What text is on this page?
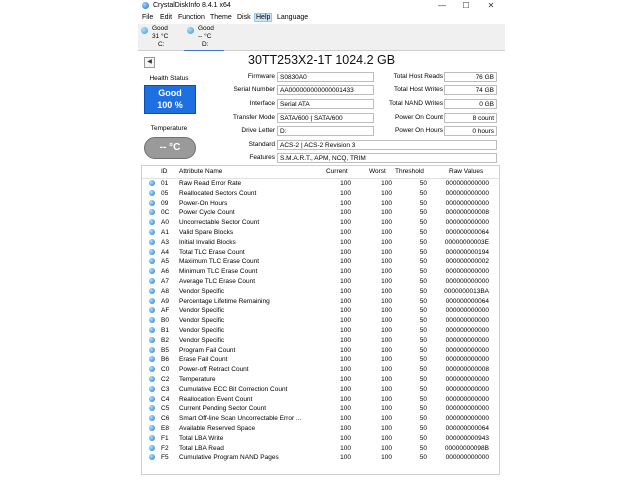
CrystalDiskInfo 8.4.1 x64	—	☐	✕
File Edit Function Theme Disk Help Language
Good
31 °C
C:
Good
-- °C
D:
◀	30TT253X2-1T 1024.2 GB
Health Status
Good
100 %
Temperature
-- °C
Firmware S0830A0
Serial Number AA000000000000001433
Interface Serial ATA
Transfer Mode SATA/600 | SATA/600
Drive Letter D:
Standard ACS-2 | ACS-2 Revision 3
Features S.M.A.R.T., APM, NCQ, TRIM
Total Host Reads	76 GB
Total Host Writes	74 GB
Total NAND Writes	0 GB
Power On Count	8 count
Power On Hours	0 hours
ID Attribute Name	Current	Worst Threshold	Raw Values
01 Raw Read Error Rate	100	100	50	000000000000
05 Reallocated Sectors Count	100	100	50	000000000000
09 Power-On Hours	100	100	50	000000000000
0C Power Cycle Count	100	100	50	000000000008
A0 Uncorrectable Sector Count	100	100	50	000000000000
A1 Valid Spare Blocks	100	100	50	000000000064
A3 Initial Invalid Blocks	100	100	50	00000000003E
A4 Total TLC Erase Count	100	100	50	000000000194
A5 Maximum TLC Erase Count	100	100	50	000000000002
A6 Minimum TLC Erase Count	100	100	50	000000000000
A7 Average TLC Erase Count	100	100	50	000000000000
A8 Vendor Specific	100	100	50	0000000013BA
A9 Percentage Lifetime Remaining	100	100	50	000000000064
AF Vendor Specific	100	100	50	000000000000
B0 Vendor Specific	100	100	50	000000000000
B1 Vendor Specific	100	100	50	000000000000
B2 Vendor Specific	100	100	50	000000000000
B5 Program Fail Count	100	100	50	000000000000
B6 Erase Fail Count	100	100	50	000000000000
C0 Power-off Retract Count	100	100	50	000000000008
C2 Temperature	100	100	50	000000000000
C3 Cumulative ECC Bit Correction Count	100	100	50	000000000000
C4 Reallocation Event Count	100	100	50	000000000000
C5 Current Pending Sector Count	100	100	50	000000000000
C6 Smart Off-line Scan Uncorrectable Error ...	100	100	50	000000000000
E8 Available Reserved Space	100	100	50	000000000064
F1 Total LBA Write	100	100	50	000000000943
F2 Total LBA Read	100	100	50	00000000098B
F5 Cumulative Program NAND Pages	100	100	50	000000000000
